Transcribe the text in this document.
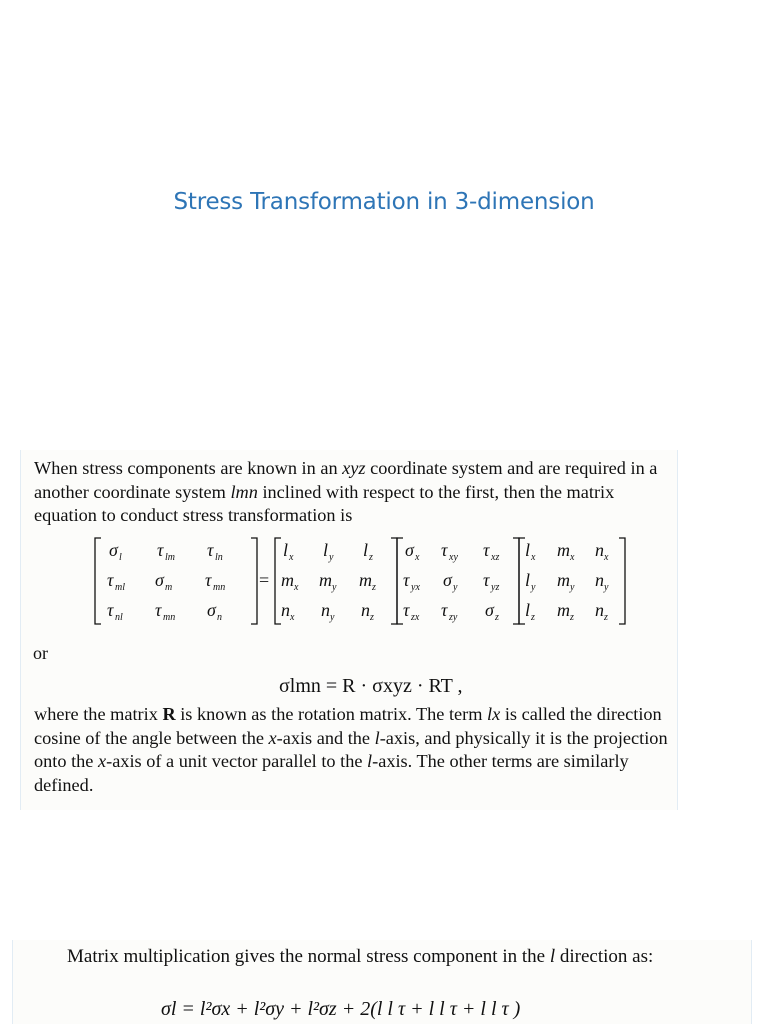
Stress Transformation in 3-dimension
When stress components are known in an xyz coordinate system and are required in a another coordinate system lmn inclined with respect to the first, then the matrix equation to conduct stress transformation is
σ l τ lm τ ln
τ ml σ m τ mn
τ nl τ mn σ n
=
l x l y l z
m x m y m z
n x n y n z
σ x τ xy τ xz
τ yx σ y τ yz
τ zx τ zy σ z
l x m x n x
l y m y n y
l z m z n z
or
σlmn = R · σxyz · RT ,
where the matrix R is known as the rotation matrix. The term lx is called the direction cosine of the angle between the x-axis and the l-axis, and physically it is the projection onto the x-axis of a unit vector parallel to the l-axis. The other terms are similarly defined.
Matrix multiplication gives the normal stress component in the l direction as:
σl = l²σx + l²σy + l²σz + 2(l l τ + l l τ + l l τ )
